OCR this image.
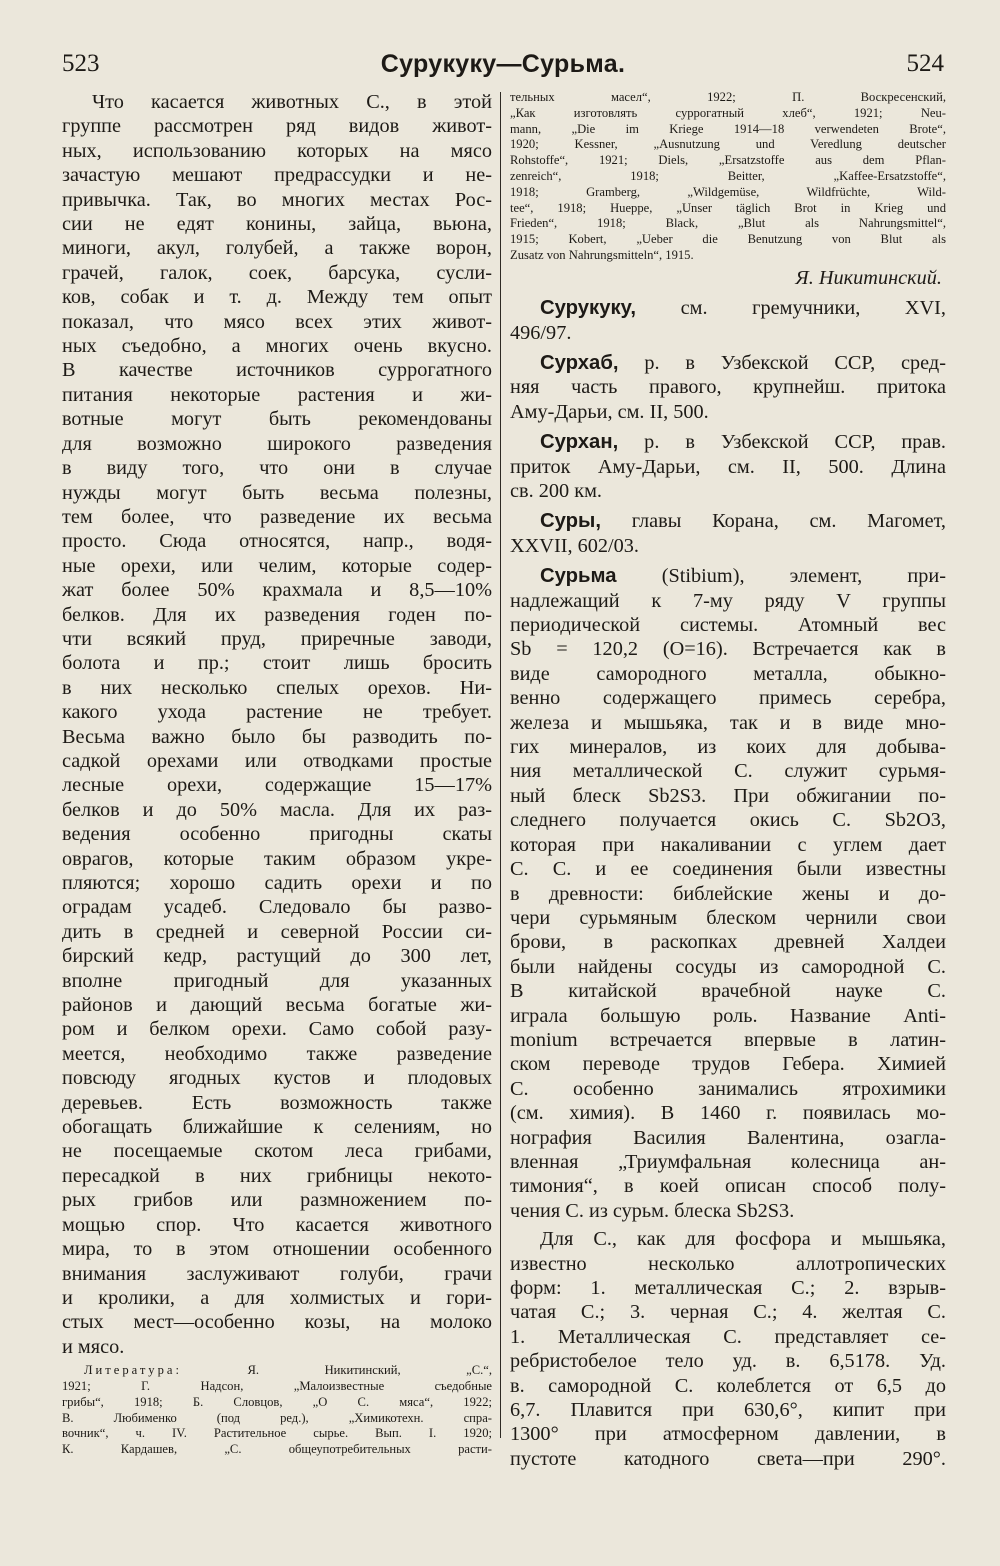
523	Сурукуку—Сурьма.	524
Что касается животных С., в этой
группе рассмотрен ряд видов живот-
ных, использованию которых на мясо
зачастую мешают предрассудки и не-
привычка. Так, во многих местах Рос-
сии не едят конины, зайца, вьюна,
миноги, акул, голубей, а также ворон,
грачей, галок, соек, барсука, сусли-
ков, собак и т. д. Между тем опыт
показал, что мясо всех этих живот-
ных съедобно, а многих очень вкусно.
В качестве источников суррогатного
питания некоторые растения и жи-
вотные могут быть рекомендованы
для возможно широкого разведения
в виду того, что они в случае
нужды могут быть весьма полезны,
тем более, что разведение их весьма
просто. Сюда относятся, напр., водя-
ные орехи, или челим, которые содер-
жат более 50% крахмала и 8,5—10%
белков. Для их разведения годен по-
чти всякий пруд, приречные заводи,
болота и пр.; стоит лишь бросить
в них несколько спелых орехов. Ни-
какого ухода растение не требует.
Весьма важно было бы разводить по-
садкой орехами или отводками простые
лесные орехи, содержащие 15—17%
белков и до 50% масла. Для их раз-
ведения особенно пригодны скаты
оврагов, которые таким образом укре-
пляются; хорошо садить орехи и по
оградам усадеб. Следовало бы разво-
дить в средней и северной России си-
бирский кедр, растущий до 300 лет,
вполне пригодный для указанных
районов и дающий весьма богатые жи-
ром и белком орехи. Само собой разу-
меется, необходимо также разведение
повсюду ягодных кустов и плодовых
деревьев. Есть возможность также
обогащать ближайшие к селениям, но
не посещаемые скотом леса грибами,
пересадкой в них грибницы некото-
рых грибов или размножением по-
мощью спор. Что касается животного
мира, то в этом отношении особенного
внимания заслуживают голуби, грачи
и кролики, а для холмистых и гори-
стых мест—особенно козы, на молоко
и мясо.
Литература:	Я. Никитинский, „С.“,
1921; Г. Надсон, „Малоизвестные съедобные
грибы“, 1918; Б. Словцов, „О С. мяса“, 1922;
В. Любименко (под ред.), „Химикотехн. спра-
вочник“, ч. IV. Растительное сырье. Вып. I. 1920;
К. Кардашев, „С. общеупотребительных расти-
тельных масел“, 1922; П. Воскресенский,
„Как изготовлять суррогатный хлеб“, 1921; Neu-
mann, „Die im Kriege 1914—18 verwendeten Brote“,
1920; Kessner, „Ausnutzung und Veredlung deutscher
Rohstoffe“, 1921; Diels, „Ersatzstoffe aus dem Pflan-
zenreich“, 1918; Beitter, „Kaffee-Ersatzstoffe“,
1918; Gramberg, „Wildgemüse, Wildfrüchte, Wild-
tee“, 1918; Hueppe, „Unser täglich Brot in Krieg und
Frieden“, 1918; Black, „Blut als Nahrungsmittel“,
1915; Kobert, „Ueber die Benutzung von Blut als
Zusatz von Nahrungsmitteln“, 1915.
Я. Никитинский.
Сурукуку, см. гремучники, XVI,
496/97.
Сурхаб, р. в Узбекской ССР, сред-
няя часть правого, крупнейш. притока
Аму-Дарьи, см. II, 500.
Сурхан, р. в Узбекской ССР, прав.
приток Аму-Дарьи, см. II, 500. Длина
св. 200 км.
Суры, главы Корана, см. Магомет,
XXVII, 602/03.
Сурьма (Stibium), элемент, при-
надлежащий к 7-му ряду V группы
периодической системы. Атомный вес
Sb = 120,2 (O=16). Встречается как в
виде самородного металла, обыкно-
венно содержащего примесь серебра,
железа и мышьяка, так и в виде мно-
гих минералов, из коих для добыва-
ния металлической С. служит сурьмя-
ный блеск Sb2S3. При обжигании по-
следнего получается окись С. Sb2O3,
которая при накаливании с углем дает
С. С. и ее соединения были известны
в древности: библейские жены и до-
чери сурьмяным блеском чернили свои
брови, в раскопках древней Халдеи
были найдены сосуды из самородной С.
В китайской врачебной науке С.
играла большую роль. Название Anti-
monium встречается впервые в латин-
ском переводе трудов Гебера. Химией
С. особенно занимались ятрохимики
(см. химия). В 1460 г. появилась мо-
нография Василия Валентина, озагла-
вленная „Триумфальная колесница ан-
тимония“, в коей описан способ полу-
чения С. из сурьм. блеска Sb2S3.
Для С., как для фосфора и мышьяка,
известно несколько аллотропических
форм: 1. металлическая С.; 2. взрыв-
чатая С.; 3. черная С.; 4. желтая С.
1. Металлическая С. представляет се-
ребристобелое тело уд. в. 6,5178. Уд.
в. самородной С. колеблется от 6,5 до
6,7. Плавится при 630,6°, кипит при
1300° при атмосферном давлении, в
пустоте катодного света—при 290°.
